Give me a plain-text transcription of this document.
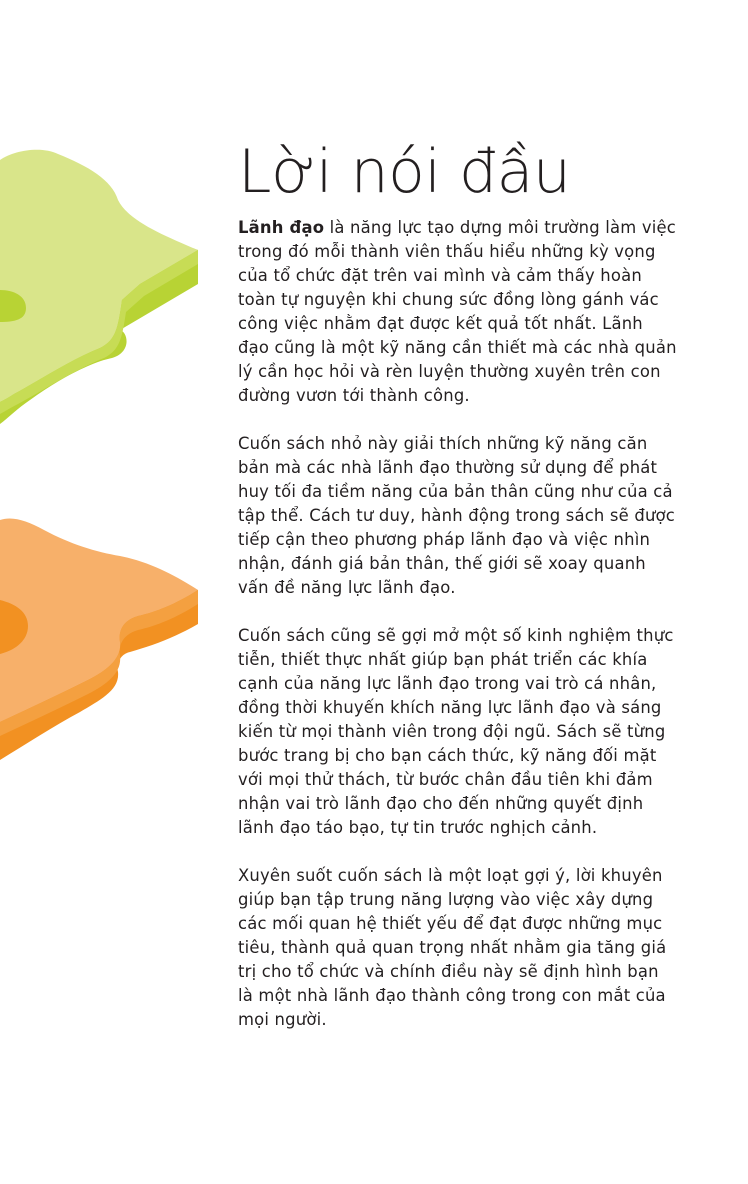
Lời nói đầu

Lãnh đạo là năng lực tạo dựng môi trường làm việc trong đó mỗi thành viên thấu hiểu những kỳ vọng của tổ chức đặt trên vai mình và cảm thấy hoàn toàn tự nguyện khi chung sức đồng lòng gánh vác công việc nhằm đạt được kết quả tốt nhất. Lãnh đạo cũng là một kỹ năng cần thiết mà các nhà quản lý cần học hỏi và rèn luyện thường xuyên trên con đường vươn tới thành công.

Cuốn sách nhỏ này giải thích những kỹ năng căn bản mà các nhà lãnh đạo thường sử dụng để phát huy tối đa tiềm năng của bản thân cũng như của cả tập thể. Cách tư duy, hành động trong sách sẽ được tiếp cận theo phương pháp lãnh đạo và việc nhìn nhận, đánh giá bản thân, thế giới sẽ xoay quanh vấn đề năng lực lãnh đạo.

Cuốn sách cũng sẽ gợi mở một số kinh nghiệm thực tiễn, thiết thực nhất giúp bạn phát triển các khía cạnh của năng lực lãnh đạo trong vai trò cá nhân, đồng thời khuyến khích năng lực lãnh đạo và sáng kiến từ mọi thành viên trong đội ngũ. Sách sẽ từng bước trang bị cho bạn cách thức, kỹ năng đối mặt với mọi thử thách, từ bước chân đầu tiên khi đảm nhận vai trò lãnh đạo cho đến những quyết định lãnh đạo táo bạo, tự tin trước nghịch cảnh.

Xuyên suốt cuốn sách là một loạt gợi ý, lời khuyên giúp bạn tập trung năng lượng vào việc xây dựng các mối quan hệ thiết yếu để đạt được những mục tiêu, thành quả quan trọng nhất nhằm gia tăng giá trị cho tổ chức và chính điều này sẽ định hình bạn là một nhà lãnh đạo thành công trong con mắt của mọi người.
